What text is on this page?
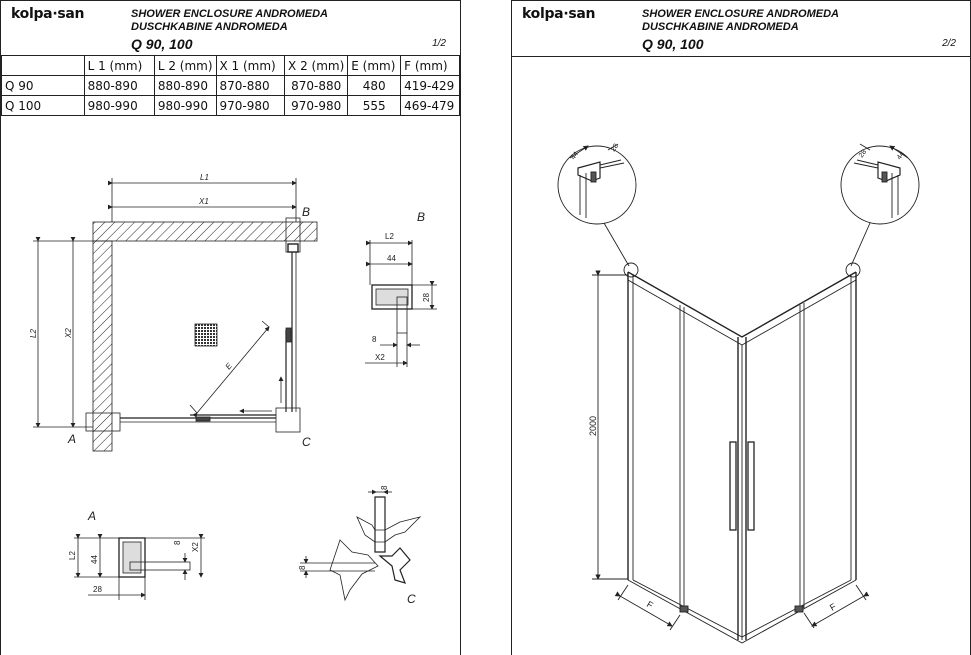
kolpa·san	SHOWER ENCLOSURE ANDROMEDA
DUSCHKABINE ANDROMEDA
Q 90, 100	1/2
	L 1 (mm)	L 2 (mm)	X 1 (mm)	X 2 (mm)	E (mm)	F (mm)
Q 90	880-890	880-890	870-880	870-880	480	419-429
Q 100	980-990	980-990	970-980	970-980	555	469-479
kolpa·san	SHOWER ENCLOSURE ANDROMEDA
DUSCHKABINE ANDROMEDA
Q 90, 100	2/2
L1
X1
L2	X2
E
A
B
C
B
L2
44
28
8
X2
A
L2 44
8 X2
28
C
8
8
2000
F	F
44
28
28	44
